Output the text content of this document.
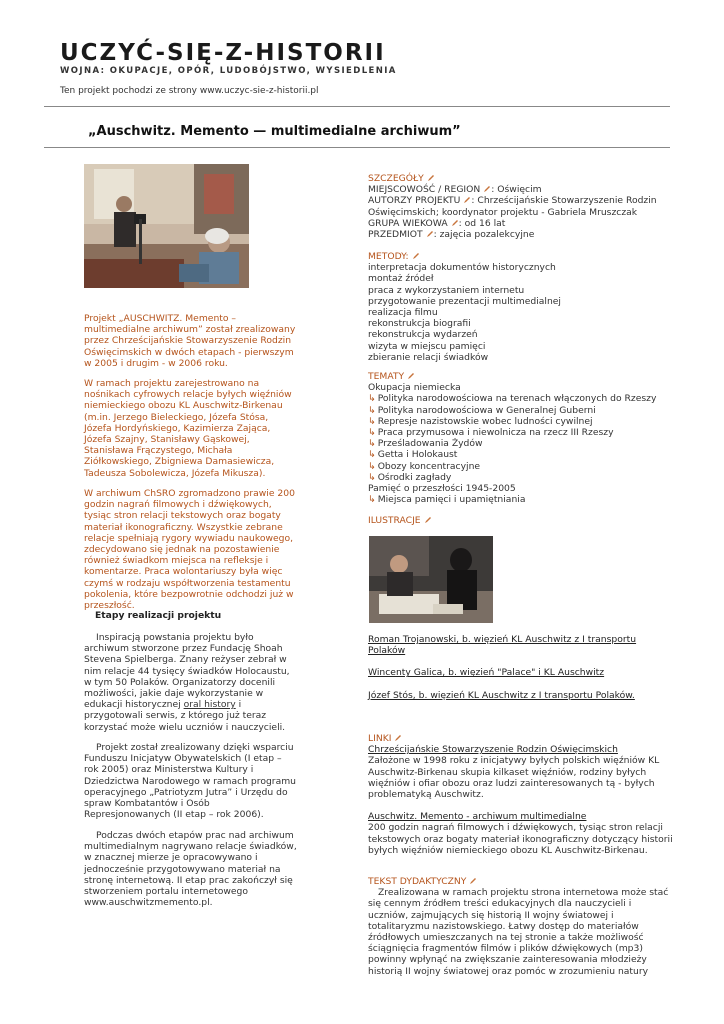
UCZYĆ-SIĘ-Z-HISTORII
WOJNA: OKUPACJE, OPÓR, LUDOBÓJSTWO, WYSIEDLENIA
Ten projekt pochodzi ze strony www.uczyc-sie-z-historii.pl
„Auschwitz. Memento — multimedialne archiwum”
Projekt „AUSCHWITZ. Memento – multimedialne archiwum” został zrealizowany przez Chrześcijańskie Stowarzyszenie Rodzin Oświęcimskich w dwóch etapach - pierwszym w 2005 i drugim - w 2006 roku.
W ramach projektu zarejestrowano na nośnikach cyfrowych relacje byłych więźniów niemieckiego obozu KL Auschwitz-Birkenau (m.in. Jerzego Bieleckiego, Józefa Stósa, Józefa Hordyńskiego, Kazimierza Zająca, Józefa Szajny, Stanisławy Gąskowej, Stanisława Frączystego, Michała Ziółkowskiego, Zbigniewa Damasiewicza, Tadeusza Sobolewicza, Józefa Mikusza).
W archiwum ChSRO zgromadzono prawie 200 godzin nagrań filmowych i dźwiękowych, tysiąc stron relacji tekstowych oraz bogaty materiał ikonograficzny. Wszystkie zebrane relacje spełniają rygory wywiadu naukowego, zdecydowano się jednak na pozostawienie również świadkom miejsca na refleksje i komentarze. Praca wolontariuszy była więc czymś w rodzaju współtworzenia testamentu pokolenia, które bezpowrotnie odchodzi już w przeszłość.
Etapy realizacji projektu
Inspiracją powstania projektu było archiwum stworzone przez Fundację Shoah Stevena Spielberga. Znany reżyser zebrał w nim relacje 44 tysięcy świadków Holocaustu, w tym 50 Polaków. Organizatorzy docenili możliwości, jakie daje wykorzystanie w edukacji historycznej oral history i przygotowali serwis, z którego już teraz korzystać może wielu uczniów i nauczycieli.
Projekt został zrealizowany dzięki wsparciu Funduszu Inicjatyw Obywatelskich (I etap – rok 2005) oraz Ministerstwa Kultury i Dziedzictwa Narodowego w ramach programu operacyjnego „Patriotyzm Jutra” i Urzędu do spraw Kombatantów i Osób Represjonowanych (II etap – rok 2006).
Podczas dwóch etapów prac nad archiwum multimedialnym nagrywano relacje świadków, w znacznej mierze je opracowywano i jednocześnie przygotowywano materiał na stronę internetową. II etap prac zakończył się stworzeniem portalu internetowego www.auschwitzmemento.pl.
SZCZEGÓŁY
MIEJSCOWOŚĆ / REGION : Oświęcim
AUTORZY PROJEKTU : Chrześcijańskie Stowarzyszenie Rodzin Oświęcimskich; koordynator projektu - Gabriela Mruszczak
GRUPA WIEKOWA : od 16 lat
PRZEDMIOT : zajęcia pozalekcyjne
METODY:
interpretacja dokumentów historycznych
montaż źródeł
praca z wykorzystaniem internetu
przygotowanie prezentacji multimedialnej
realizacja filmu
rekonstrukcja biografii
rekonstrukcja wydarzeń
wizyta w miejscu pamięci
zbieranie relacji świadków
TEMATY
Okupacja niemiecka
↳ Polityka narodowościowa na terenach włączonych do Rzeszy
↳ Polityka narodowościowa w Generalnej Guberni
↳ Represje nazistowskie wobec ludności cywilnej
↳ Praca przymusowa i niewolnicza na rzecz III Rzeszy
↳ Prześladowania Żydów
↳ Getta i Holokaust
↳ Obozy koncentracyjne
↳ Ośrodki zagłady
Pamięć o przeszłości 1945-2005
↳ Miejsca pamięci i upamiętniania
ILUSTRACJE
Roman Trojanowski, b. więzień KL Auschwitz z I transportu Polaków
Wincenty Galica, b. więzień "Palace" i KL Auschwitz
Józef Stós, b. więzień KL Auschwitz z I transportu Polaków.
LINKI
Chrześcijańskie Stowarzyszenie Rodzin Oświęcimskich
Założone w 1998 roku z inicjatywy byłych polskich więźniów KL Auschwitz-Birkenau skupia kilkaset więźniów, rodziny byłych więźniów i ofiar obozu oraz ludzi zainteresowanych tą - byłych problematyką Auschwitz.
Auschwitz. Memento - archiwum multimedialne
200 godzin nagrań filmowych i dźwiękowych, tysiąc stron relacji tekstowych oraz bogaty materiał ikonograficzny dotyczący historii byłych więźniów niemieckiego obozu KL Auschwitz-Birkenau.
TEKST DYDAKTYCZNY
Zrealizowana w ramach projektu strona internetowa może stać się cennym źródłem treści edukacyjnych dla nauczycieli i uczniów, zajmujących się historią II wojny światowej i totalitaryzmu nazistowskiego. Łatwy dostęp do materiałów źródłowych umieszczanych na tej stronie a także możliwość ściągnięcia fragmentów filmów i plików dźwiękowych (mp3) powinny wpłynąć na zwiększanie zainteresowania młodzieży historią II wojny światowej oraz pomóc w zrozumieniu natury
